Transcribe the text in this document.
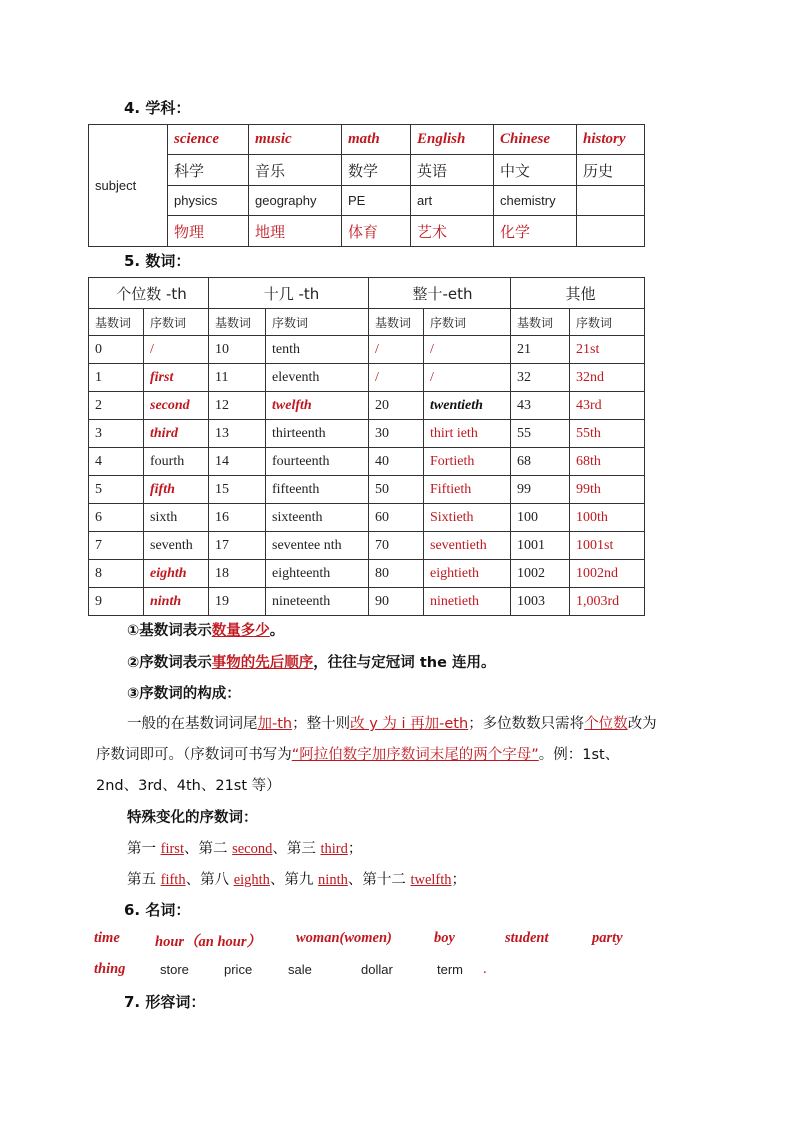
4. 学科：
subject	science	music	math	English	Chinese	history
	科学	音乐	数学	英语	中文	历史
	physics	geography	PE	art	chemistry	
	物理	地理	体育	艺术	化学	
5. 数词：
个位数 -th		十几 -th		整十-eth		其他	
基数词	序数词	基数词	序数词	基数词	序数词	基数词	序数词
0	/	10	tenth	/	/	21	21st
1	first	11	eleventh	/	/	32	32nd
2	second	12	twelfth	20	twentieth	43	43rd
3	third	13	thirteenth	30	thirt ieth	55	55th
4	fourth	14	fourteenth	40	Fortieth	68	68th
5	fifth	15	fifteenth	50	Fiftieth	99	99th
6	sixth	16	sixteenth	60	Sixtieth	100	100th
7	seventh	17	seventee nth	70	seventieth	1001	1001st
8	eighth	18	eighteenth	80	eightieth	1002	1002nd
9	ninth	19	nineteenth	90	ninetieth	1003	1,003rd
①基数词表示数量多少。
②序数词表示事物的先后顺序，往往与定冠词 the 连用。
③序数词的构成：
一般的在基数词词尾加-th；整十则改 y 为 i 再加-eth；多位数数只需将个位数改为
序数词即可。（序数词可书写为“阿拉伯数字加序数词末尾的两个字母”。例：1st、
2nd、3rd、4th、21st 等）
特殊变化的序数词：
第一 first、第二 second、第三 third；
第五 fifth、第八 eighth、第九 ninth、第十二 twelfth；
6. 名词：
time hour（an hour） woman(women)	boy	student	party
thing	store	price	sale	dollar	term .
7. 形容词：
